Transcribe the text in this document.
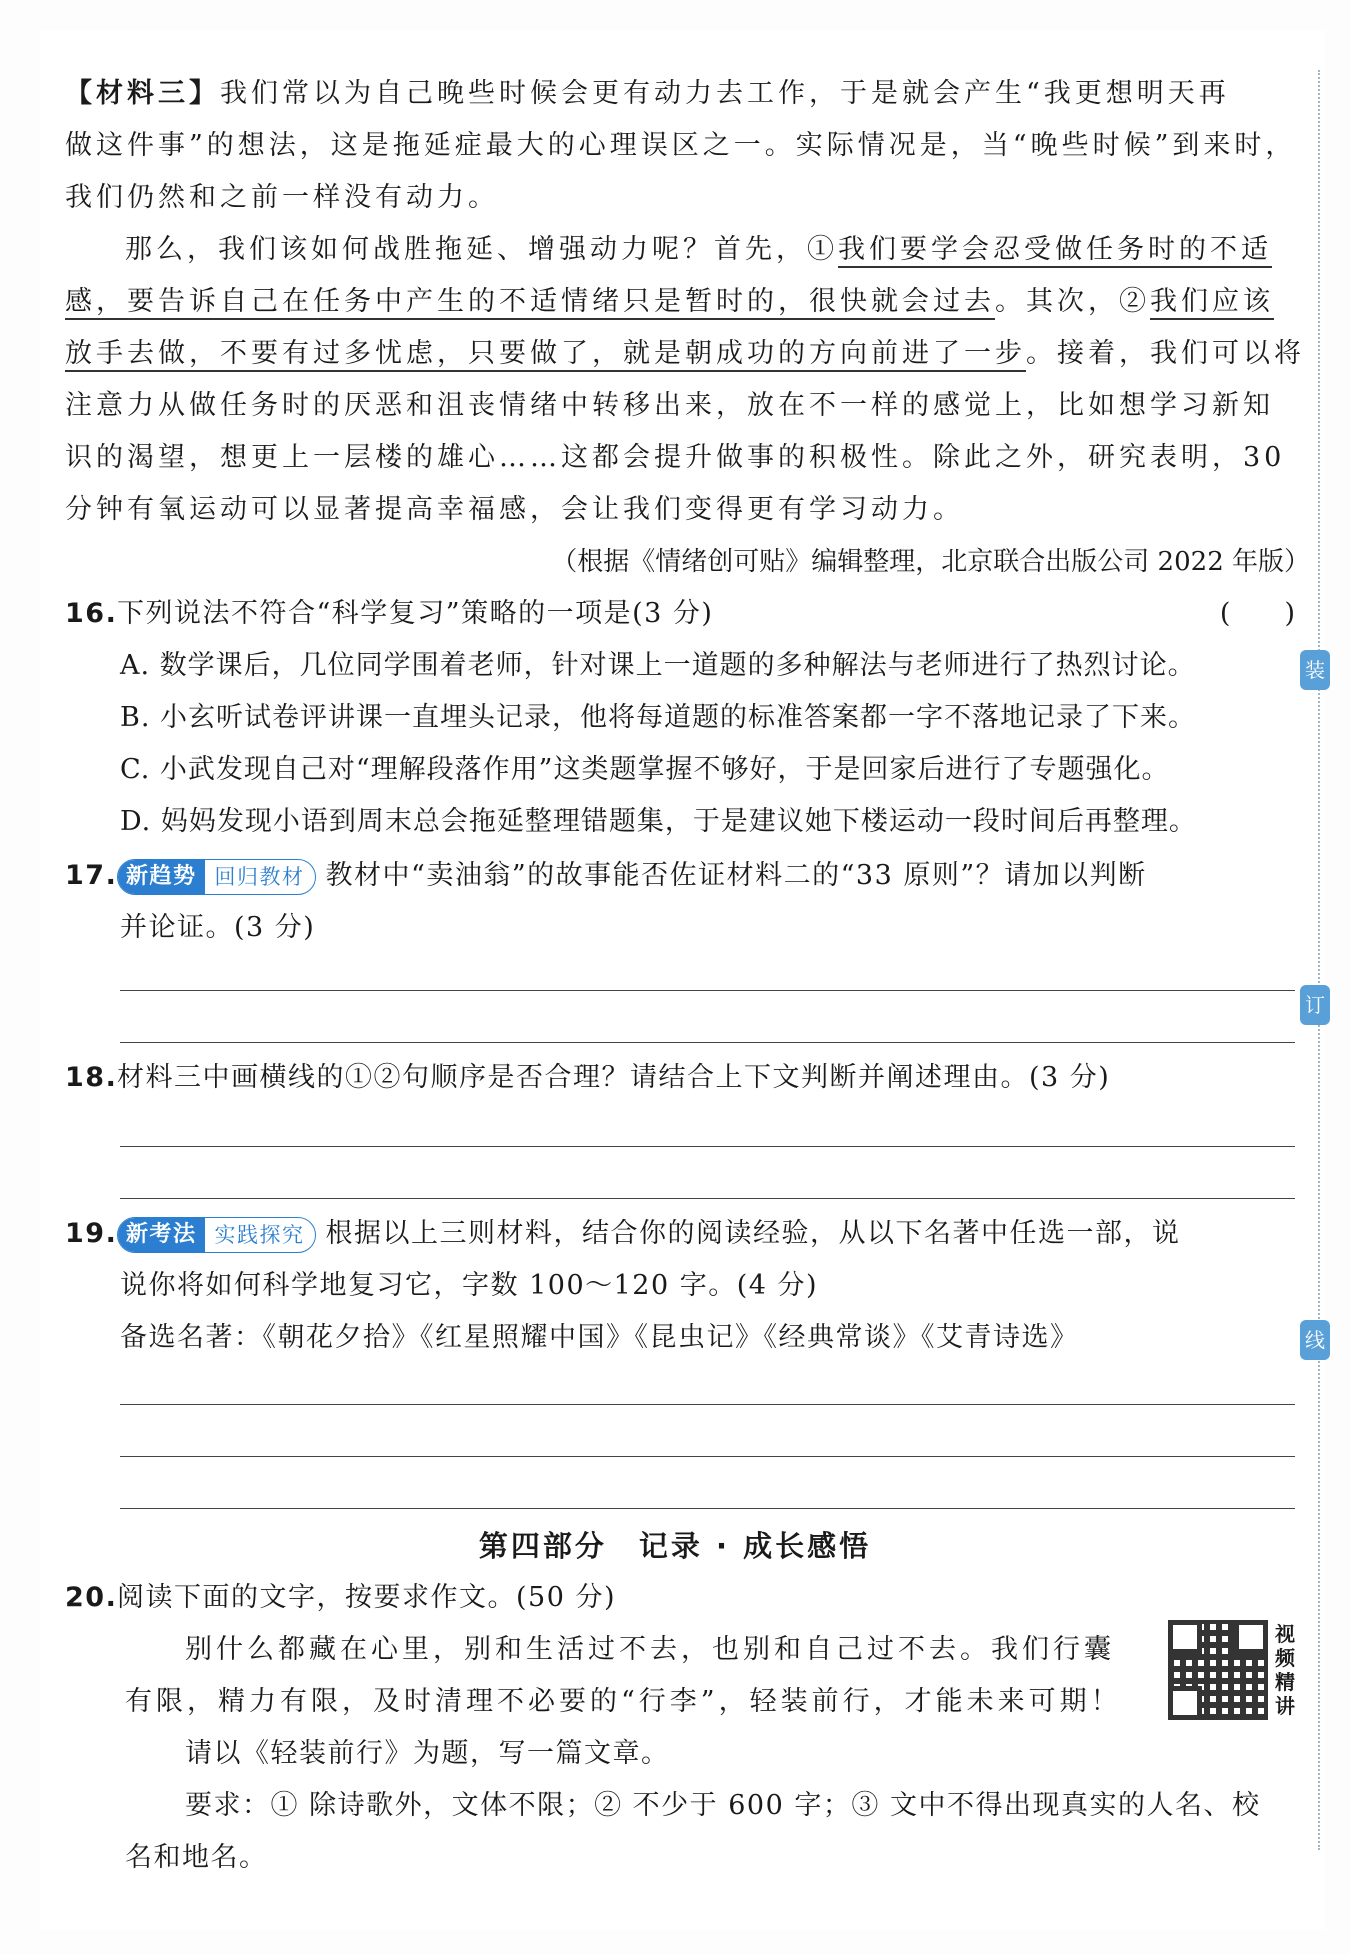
装
订
线

【材料三】我们常以为自己晚些时候会更有动力去工作，于是就会产生“我更想明天再

做这件事”的想法，这是拖延症最大的心理误区之一。实际情况是，当“晚些时候”到来时，

我们仍然和之前一样没有动力。

那么，我们该如何战胜拖延、增强动力呢？首先，①我们要学会忍受做任务时的不适

感，要告诉自己在任务中产生的不适情绪只是暂时的，很快就会过去。其次，②我们应该

放手去做，不要有过多忧虑，只要做了，就是朝成功的方向前进了一步。接着，我们可以将

注意力从做任务时的厌恶和沮丧情绪中转移出来，放在不一样的感觉上，比如想学习新知

识的渴望，想更上一层楼的雄心……这都会提升做事的积极性。除此之外，研究表明，30

分钟有氧运动可以显著提高幸福感，会让我们变得更有学习动力。

（根据《情绪创可贴》编辑整理，北京联合出版公司 2022 年版）

16.下列说法不符合“科学复习”策略的一项是(3 分)	(　　)
A. 数学课后，几位同学围着老师，针对课上一道题的多种解法与老师进行了热烈讨论。
B. 小玄听试卷评讲课一直埋头记录，他将每道题的标准答案都一字不落地记录了下来。
C. 小武发现自己对“理解段落作用”这类题掌握不够好，于是回家后进行了专题强化。
D. 妈妈发现小语到周末总会拖延整理错题集，于是建议她下楼运动一段时间后再整理。

17. 新趋势 回归教材 教材中“卖油翁”的故事能否佐证材料二的“33 原则”？请加以判断

并论证。(3 分)

18.材料三中画横线的①②句顺序是否合理？请结合上下文判断并阐述理由。(3 分)

19. 新考法 实践探究 根据以上三则材料，结合你的阅读经验，从以下名著中任选一部，说

说你将如何科学地复习它，字数 100～120 字。(4 分)

备选名著：《朝花夕拾》《红星照耀中国》《昆虫记》《经典常谈》《艾青诗选》

第四部分　记录 · 成长感悟

20.阅读下面的文字，按要求作文。(50 分)

别什么都藏在心里，别和生活过不去，也别和自己过不去。我们行囊

有限，精力有限，及时清理不必要的“行李”，轻装前行，才能未来可期！

请以《轻装前行》为题，写一篇文章。

要求：① 除诗歌外，文体不限；② 不少于 600 字；③ 文中不得出现真实的人名、校

名和地名。

视频精讲
